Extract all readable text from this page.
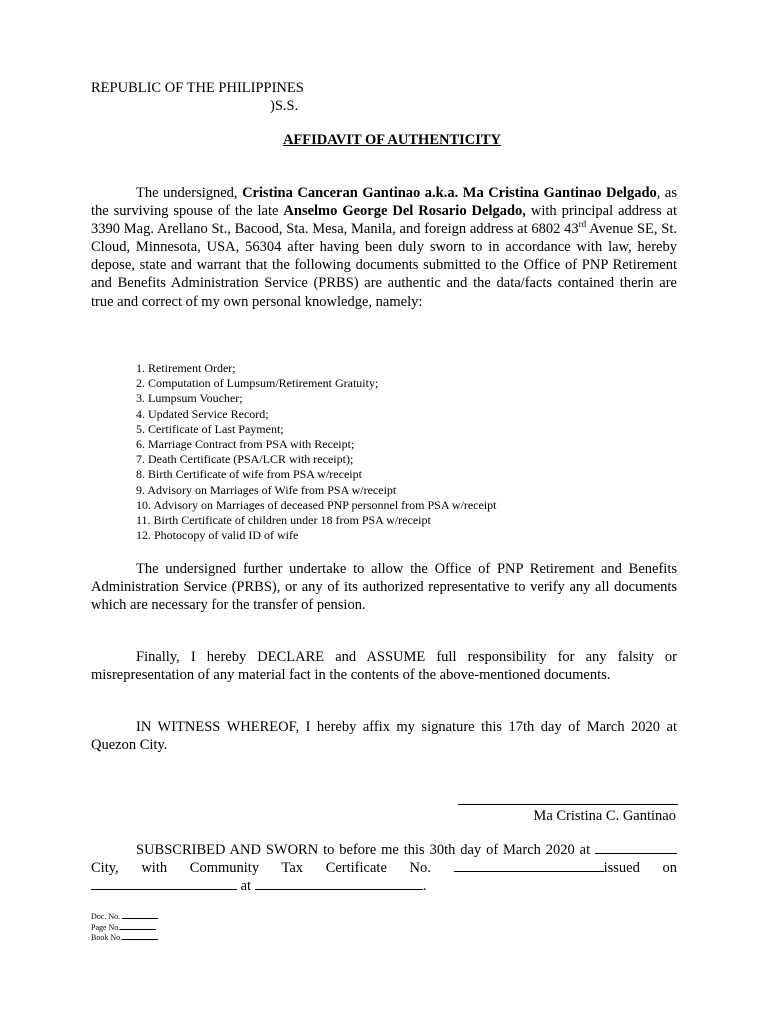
REPUBLIC OF THE PHILIPPINES
)S.S.
AFFIDAVIT OF AUTHENTICITY

The undersigned, Cristina Canceran Gantinao a.k.a. Ma Cristina Gantinao Delgado, as the surviving spouse of the late Anselmo George Del Rosario Delgado, with principal address at 3390 Mag. Arellano St., Bacood, Sta. Mesa, Manila, and foreign address at 6802 43rd Avenue SE, St. Cloud, Minnesota, USA, 56304 after having been duly sworn to in accordance with law, hereby depose, state and warrant that the following documents submitted to the Office of PNP Retirement and Benefits Administration Service (PRBS) are authentic and the data/facts contained therin are true and correct of my own personal knowledge, namely:

1. Retirement Order;
2. Computation of Lumpsum/Retirement Gratuity;
3. Lumpsum Voucher;
4. Updated Service Record;
5. Certificate of Last Payment;
6. Marriage Contract from PSA with Receipt;
7. Death Certificate (PSA/LCR with receipt);
8. Birth Certificate of wife from PSA w/receipt
9. Advisory on Marriages of Wife from PSA w/receipt
10. Advisory on Marriages of deceased PNP personnel from PSA w/receipt
11. Birth Certificate of children under 18 from PSA w/receipt
12. Photocopy of valid ID of wife

The undersigned further undertake to allow the Office of PNP Retirement and Benefits Administration Service (PRBS), or any of its authorized representative to verify any all documents which are necessary for the transfer of pension.

Finally, I hereby DECLARE and ASSUME full responsibility for any falsity or misrepresentation of any material fact in the contents of the above-mentioned documents.

IN WITNESS WHEREOF, I hereby affix my signature this 17th day of March 2020 at Quezon City.

Ma Cristina C. Gantinao

SUBSCRIBED AND SWORN to before me this 30th day of March 2020 at  City, with Community Tax Certificate No.	issued on  at	.

Doc. No.
Page No.
Book No.
